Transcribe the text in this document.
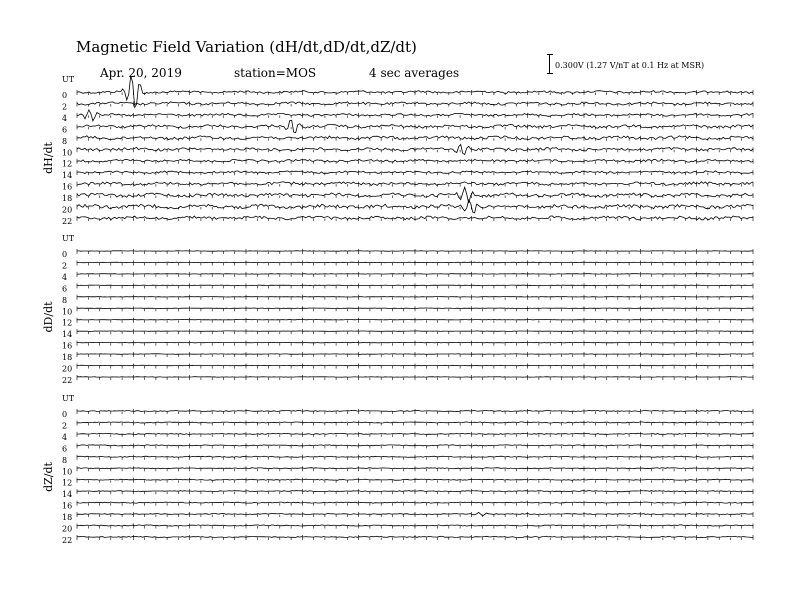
Magnetic Field Variation (dH/dt,dD/dt,dZ/dt)
Apr. 20, 2019	station=MOS	4 sec averages
0.300V (1.27 V/nT at 0.1 Hz at MSR)
UT
dH/dt
0
2
4
6
8
10
12
14
16
18
20
22
UT
dD/dt
0
2
4
6
8
10
12
14
16
18
20
22
UT
dZ/dt
0
2
4
6
8
10
12
14
16
18
20
22
